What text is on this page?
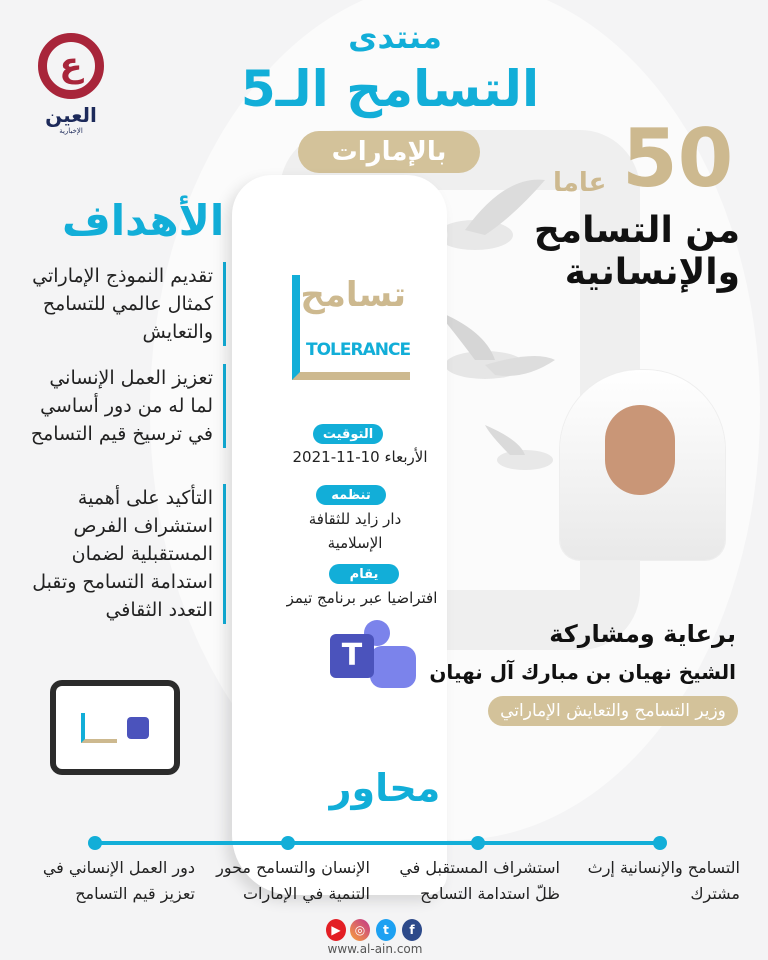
ع
العين
الإخبارية
منتدى
التسامح الـ5
بالإمارات	50
عاما
من التسامح
والإنسانية
الأهداف
تقديم النموذج الإماراتي كمثال عالمي للتسامح والتعايش
تعزيز العمل الإنساني لما له من دور أساسي في ترسيخ قيم التسامح
التأكيد على أهمية استشراف الفرص المستقبلية لضمان استدامة التسامح وتقبل التعدد الثقافي
تسامح
TOLERANCE
التوقيت
الأربعاء 10-11-2021
تنظمه
دار زايد للثقافة الإسلامية
يقام
افتراضيا عبر برنامج تيمز
T
برعاية ومشاركة
الشيخ نهيان بن مبارك آل نهيان
وزير التسامح والتعايش الإماراتي
محاور
التسامح والإنسانية إرث مشترك
استشراف المستقبل في ظلّ استدامة التسامح
الإنسان والتسامح محور التنمية في الإمارات
دور العمل الإنساني في تعزيز قيم التسامح
▶	◎	t	f
www.al-ain.com
